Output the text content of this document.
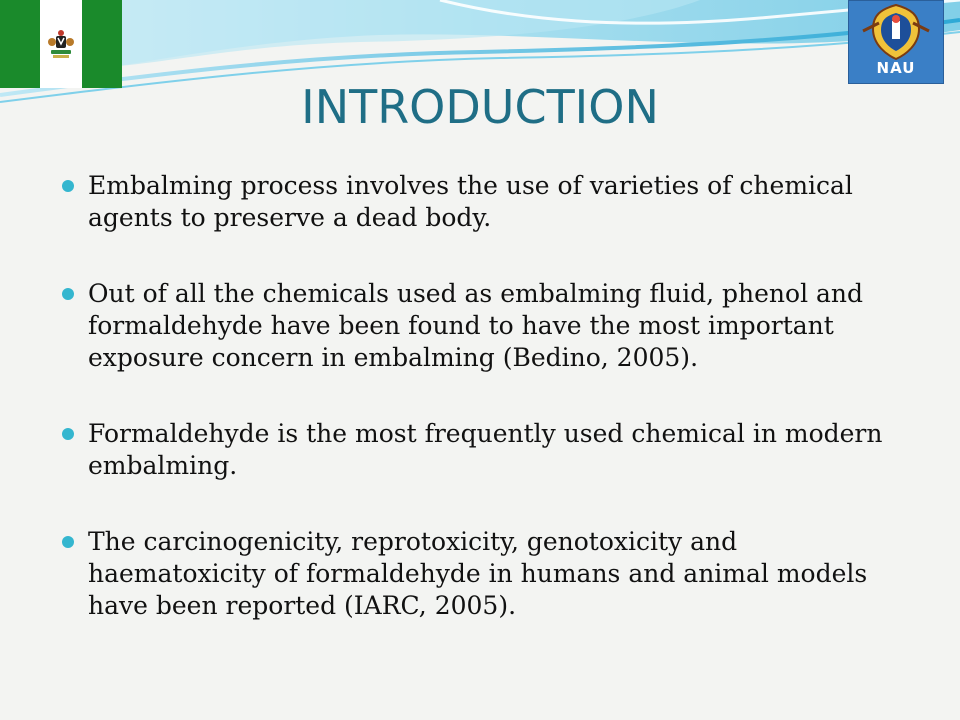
NAU
INTRODUCTION
Embalming process involves the use of varieties of chemical agents to preserve a dead body.
Out of all the chemicals used as embalming fluid, phenol and formaldehyde have been found to have the most important exposure concern in embalming (Bedino, 2005).
Formaldehyde is the most frequently used chemical in modern embalming.
The carcinogenicity, reprotoxicity, genotoxicity and haematoxicity of formaldehyde in humans and animal models have been reported (IARC, 2005).
